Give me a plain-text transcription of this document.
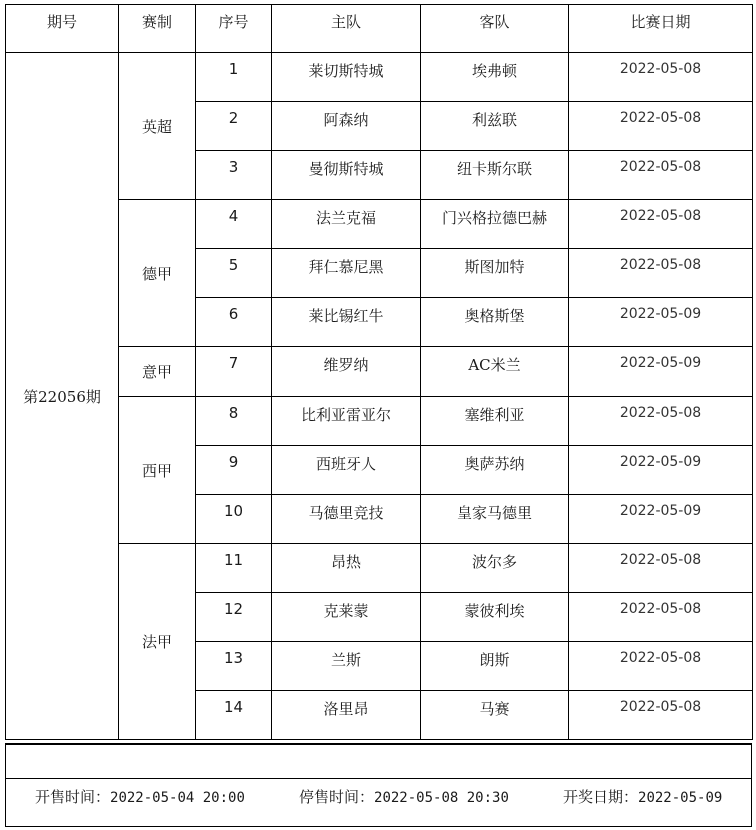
期号	赛制	序号	主队	客队	比赛日期
第22056期	英超	1	莱切斯特城	埃弗顿	2022-05-08
		2	阿森纳	利兹联	2022-05-08
		3	曼彻斯特城	纽卡斯尔联	2022-05-08
	德甲	4	法兰克福	门兴格拉德巴赫	2022-05-08
		5	拜仁慕尼黑	斯图加特	2022-05-08
		6	莱比锡红牛	奥格斯堡	2022-05-09
	意甲	7	维罗纳	AC米兰	2022-05-09
	西甲	8	比利亚雷亚尔	塞维利亚	2022-05-08
		9	西班牙人	奥萨苏纳	2022-05-09
		10	马德里竞技	皇家马德里	2022-05-09
	法甲	11	昂热	波尔多	2022-05-08
		12	克莱蒙	蒙彼利埃	2022-05-08
		13	兰斯	朗斯	2022-05-08
		14	洛里昂	马赛	2022-05-08
开售时间：2022-05-04 20:00	停售时间：2022-05-08 20:30	开奖日期：2022-05-09
